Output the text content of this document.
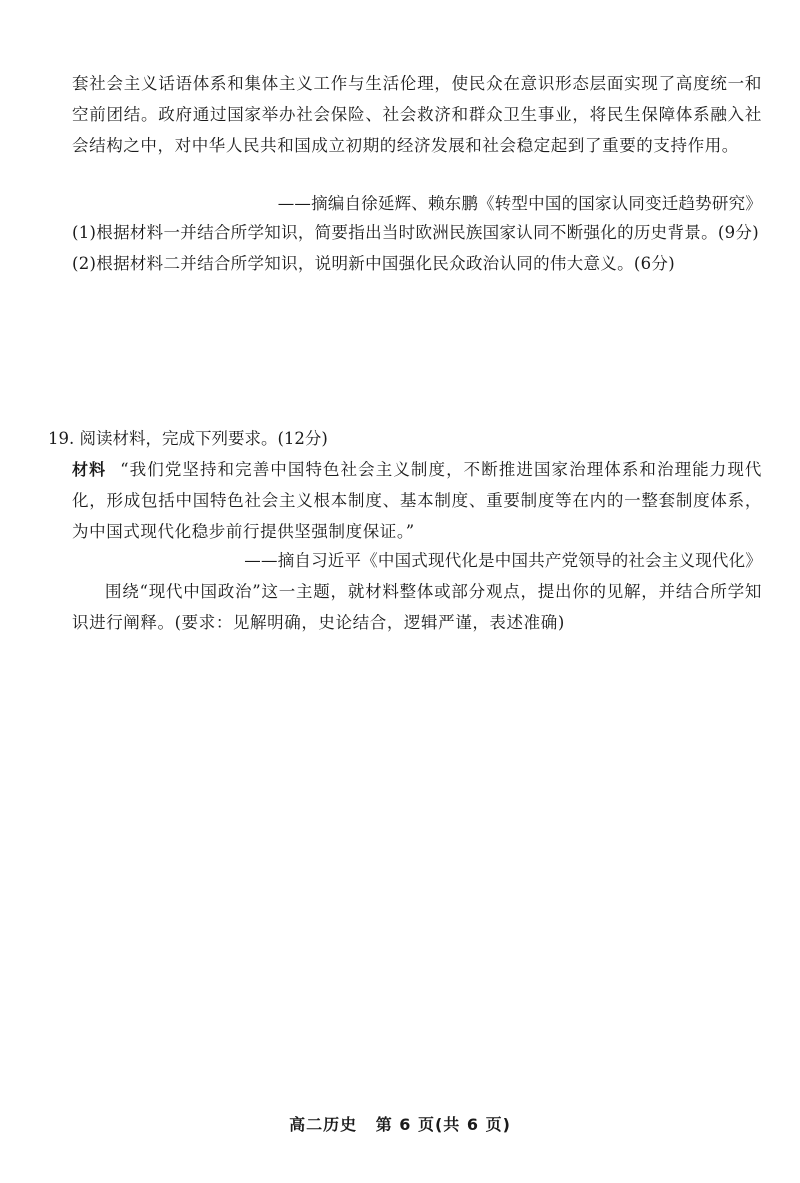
套社会主义话语体系和集体主义工作与生活伦理，使民众在意识形态层面实现了高度统一和空前团结。政府通过国家举办社会保险、社会救济和群众卫生事业，将民生保障体系融入社会结构之中，对中华人民共和国成立初期的经济发展和社会稳定起到了重要的支持作用。

——摘编自徐延辉、赖东鹏《转型中国的国家认同变迁趋势研究》

(1)根据材料一并结合所学知识，简要指出当时欧洲民族国家认同不断强化的历史背景。(9分)

(2)根据材料二并结合所学知识，说明新中国强化民众政治认同的伟大意义。(6分)

19. 阅读材料，完成下列要求。(12分)

材料 “我们党坚持和完善中国特色社会主义制度，不断推进国家治理体系和治理能力现代化，形成包括中国特色社会主义根本制度、基本制度、重要制度等在内的一整套制度体系，为中国式现代化稳步前行提供坚强制度保证。”

——摘自习近平《中国式现代化是中国共产党领导的社会主义现代化》

围绕“现代中国政治”这一主题，就材料整体或部分观点，提出你的见解，并结合所学知识进行阐释。(要求：见解明确，史论结合，逻辑严谨，表述准确)

高二历史 第 6 页(共 6 页)
